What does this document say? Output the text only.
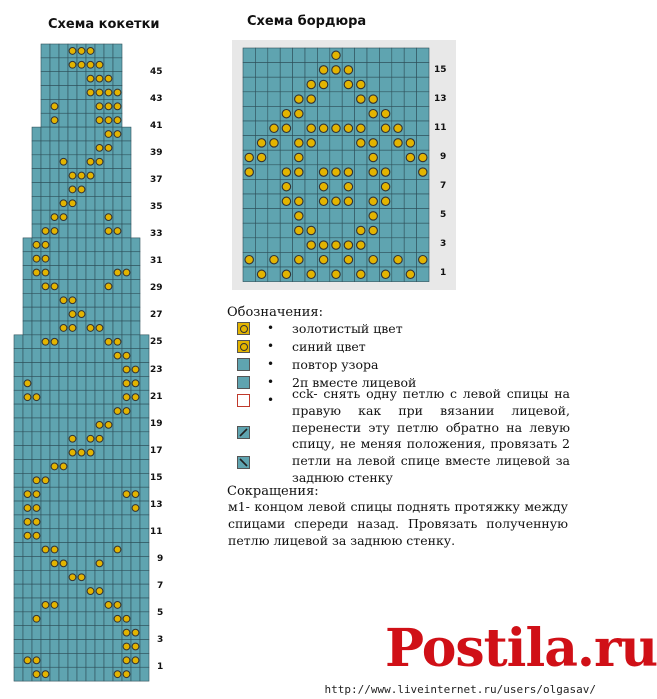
Схема кокетки
45
43
41
39
37
35
33
31
29
27
25
23
21
19
17
15
13
11
9
7
5
3
1
Схема бордюра
15
13
11
9
7
5
3
1
Обозначения:
• золотистый цвет
• синий цвет
• повтор узора
• 2п вместе лицевой
• ссk- снять одну петлю с левой спицы на правую как при вязании лицевой, перенести эту петлю обратно на левую спицу, не меняя положения, провязать 2 петли на левой спице вместе лицевой за заднюю стенку
Сокращения:
м1- концом левой спицы поднять протяжку между спицами спереди назад. Провязать полученную петлю лицевой за заднюю стенку.
Postila.ru
http://www.liveinternet.ru/users/olgasav/
